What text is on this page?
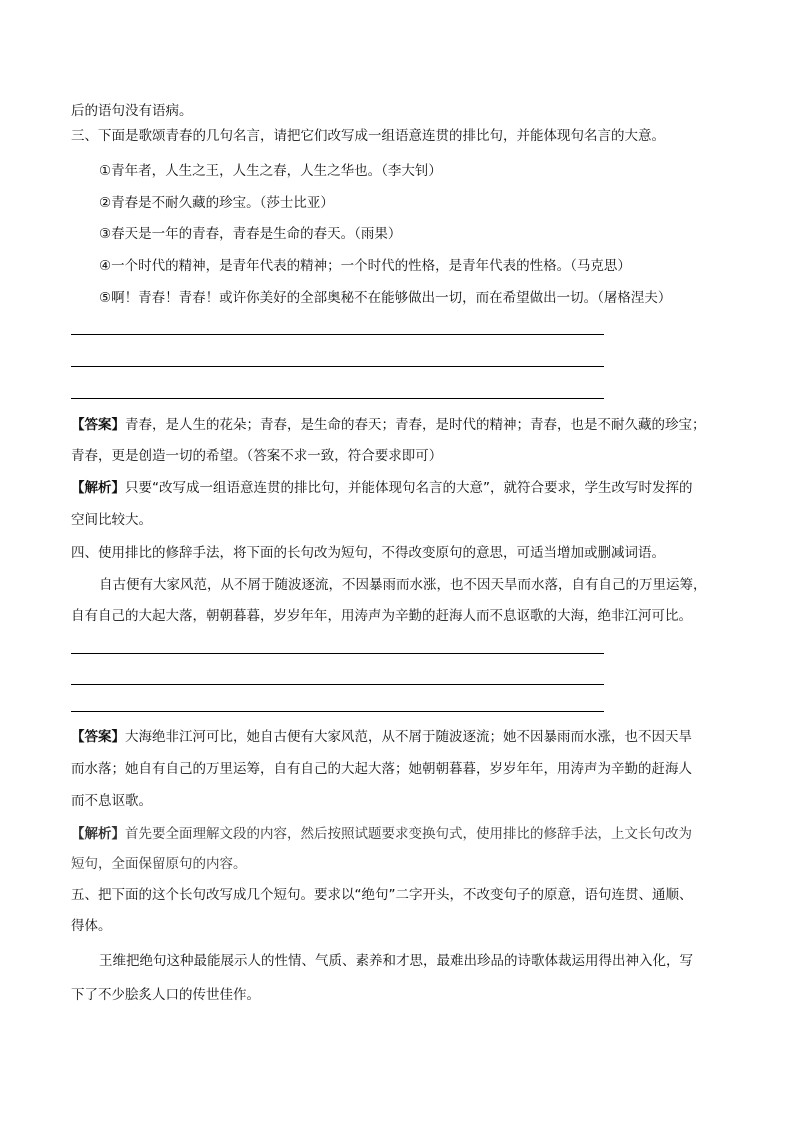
后的语句没有语病。
三、下面是歌颂青春的几句名言，请把它们改写成一组语意连贯的排比句，并能体现句名言的大意。
①青年者，人生之王，人生之春，人生之华也。（李大钊）
②青春是不耐久藏的珍宝。（莎士比亚）
③春天是一年的青春，青春是生命的春天。（雨果）
④一个时代的精神，是青年代表的精神；一个时代的性格，是青年代表的性格。（马克思）
⑤啊！青春！青春！或许你美好的全部奥秘不在能够做出一切，而在希望做出一切。（屠格涅夫）
【答案】青春，是人生的花朵；青春，是生命的春天；青春，是时代的精神；青春，也是不耐久藏的珍宝；
青春，更是创造一切的希望。（答案不求一致，符合要求即可）
【解析】只要“改写成一组语意连贯的排比句，并能体现句名言的大意”，就符合要求，学生改写时发挥的
空间比较大。
四、使用排比的修辞手法，将下面的长句改为短句，不得改变原句的意思，可适当增加或删减词语。
自古便有大家风范，从不屑于随波逐流，不因暴雨而水涨，也不因天旱而水落，自有自己的万里运筹，
自有自己的大起大落，朝朝暮暮，岁岁年年，用涛声为辛勤的赶海人而不息讴歌的大海，绝非江河可比。
【答案】大海绝非江河可比，她自古便有大家风范，从不屑于随波逐流；她不因暴雨而水涨，也不因天旱
而水落；她自有自己的万里运筹，自有自己的大起大落；她朝朝暮暮，岁岁年年，用涛声为辛勤的赶海人
而不息讴歌。
【解析】首先要全面理解文段的内容，然后按照试题要求变换句式，使用排比的修辞手法，上文长句改为
短句，全面保留原句的内容。
五、把下面的这个长句改写成几个短句。要求以“绝句”二字开头，不改变句子的原意，语句连贯、通顺、
得体。
王维把绝句这种最能展示人的性情、气质、素养和才思，最难出珍品的诗歌体裁运用得出神入化，写
下了不少脍炙人口的传世佳作。
